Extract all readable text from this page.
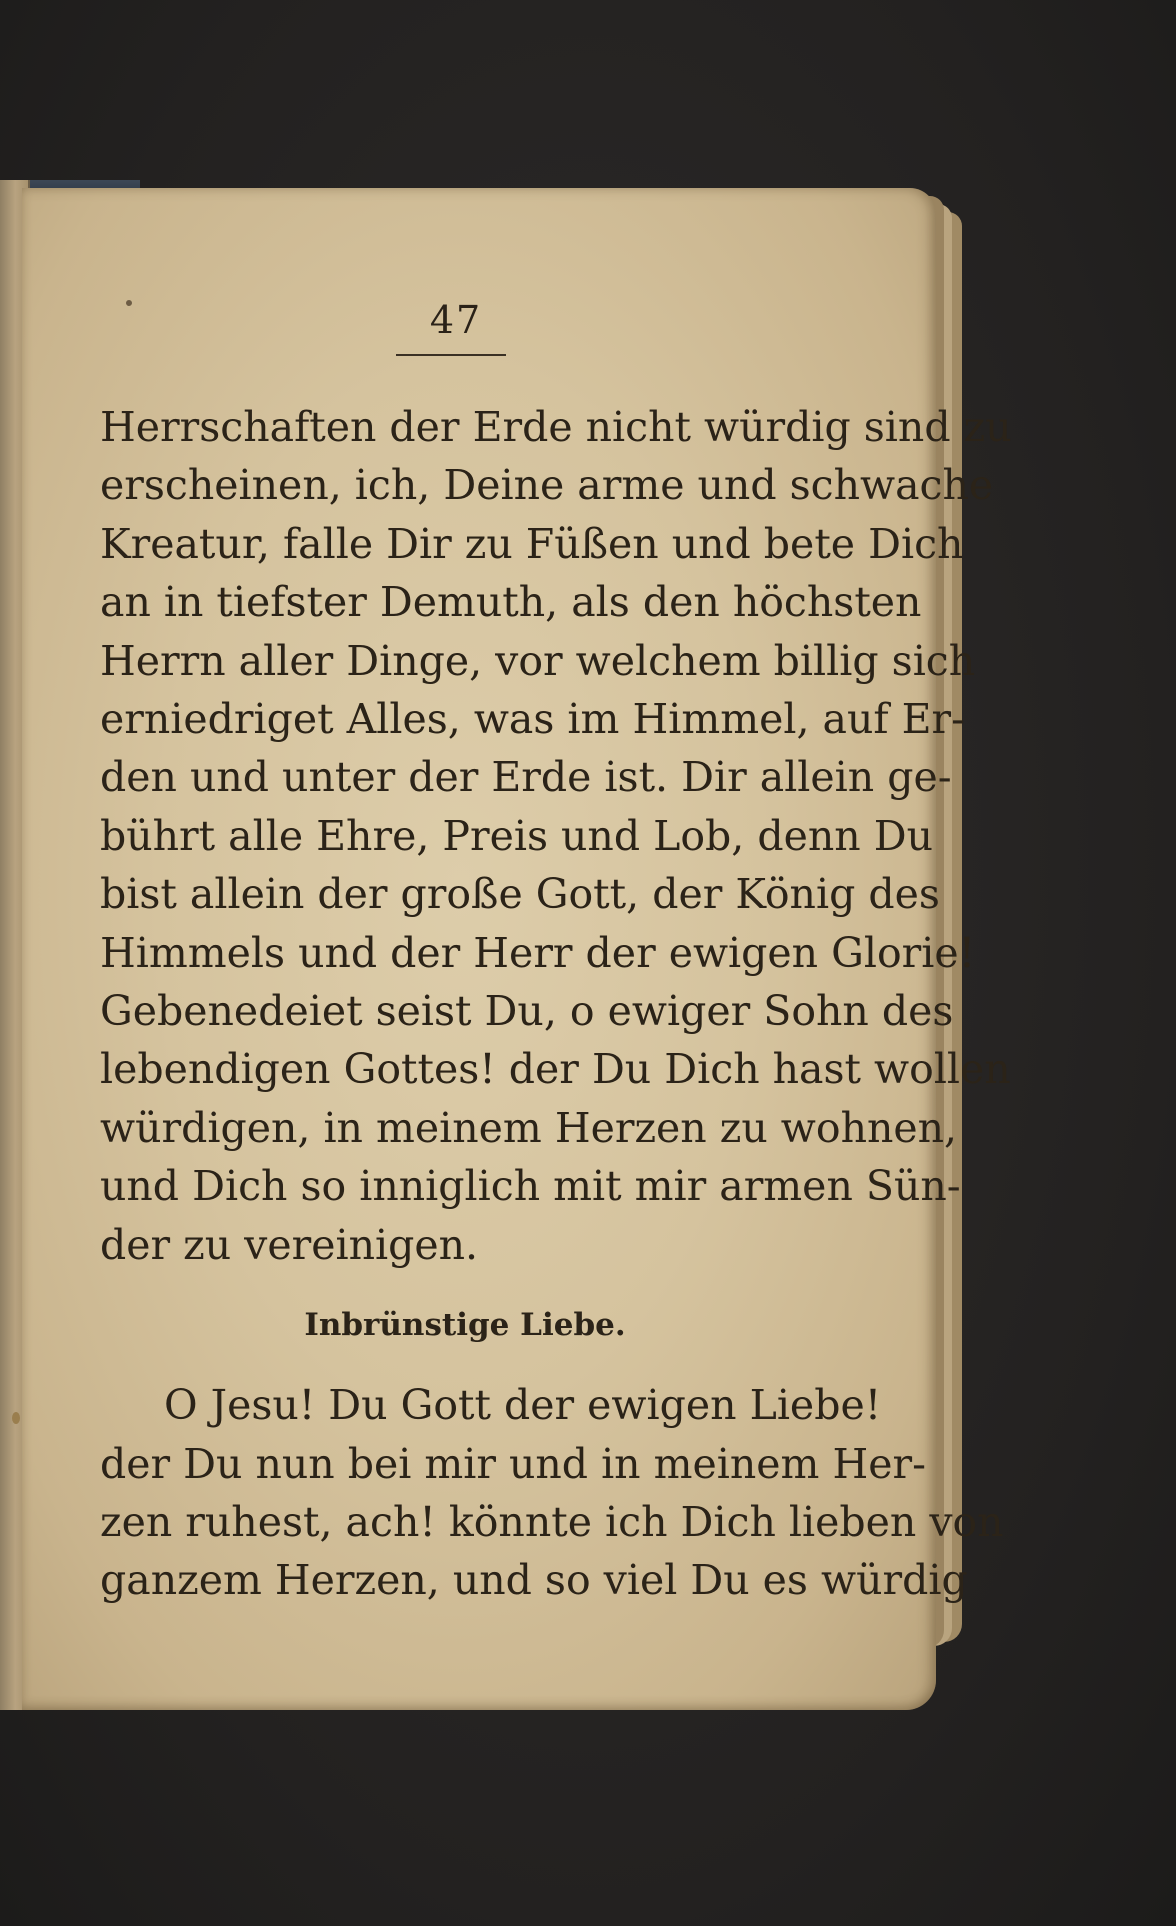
47
Herrschaften der Erde nicht würdig sind zu
erscheinen, ich, Deine arme und schwache
Kreatur, falle Dir zu Füßen und bete Dich
an in tiefster Demuth, als den höchsten
Herrn aller Dinge, vor welchem billig sich
erniedriget Alles, was im Himmel, auf Er-
den und unter der Erde ist. Dir allein ge-
bührt alle Ehre, Preis und Lob, denn Du
bist allein der große Gott, der König des
Himmels und der Herr der ewigen Glorie!
Gebenedeiet seist Du, o ewiger Sohn des
lebendigen Gottes! der Du Dich hast wollen
würdigen, in meinem Herzen zu wohnen,
und Dich so inniglich mit mir armen Sün-
der zu vereinigen.
Inbrünstige Liebe.
O Jesu! Du Gott der ewigen Liebe!
der Du nun bei mir und in meinem Her-
zen ruhest, ach! könnte ich Dich lieben von
ganzem Herzen, und so viel Du es würdig
